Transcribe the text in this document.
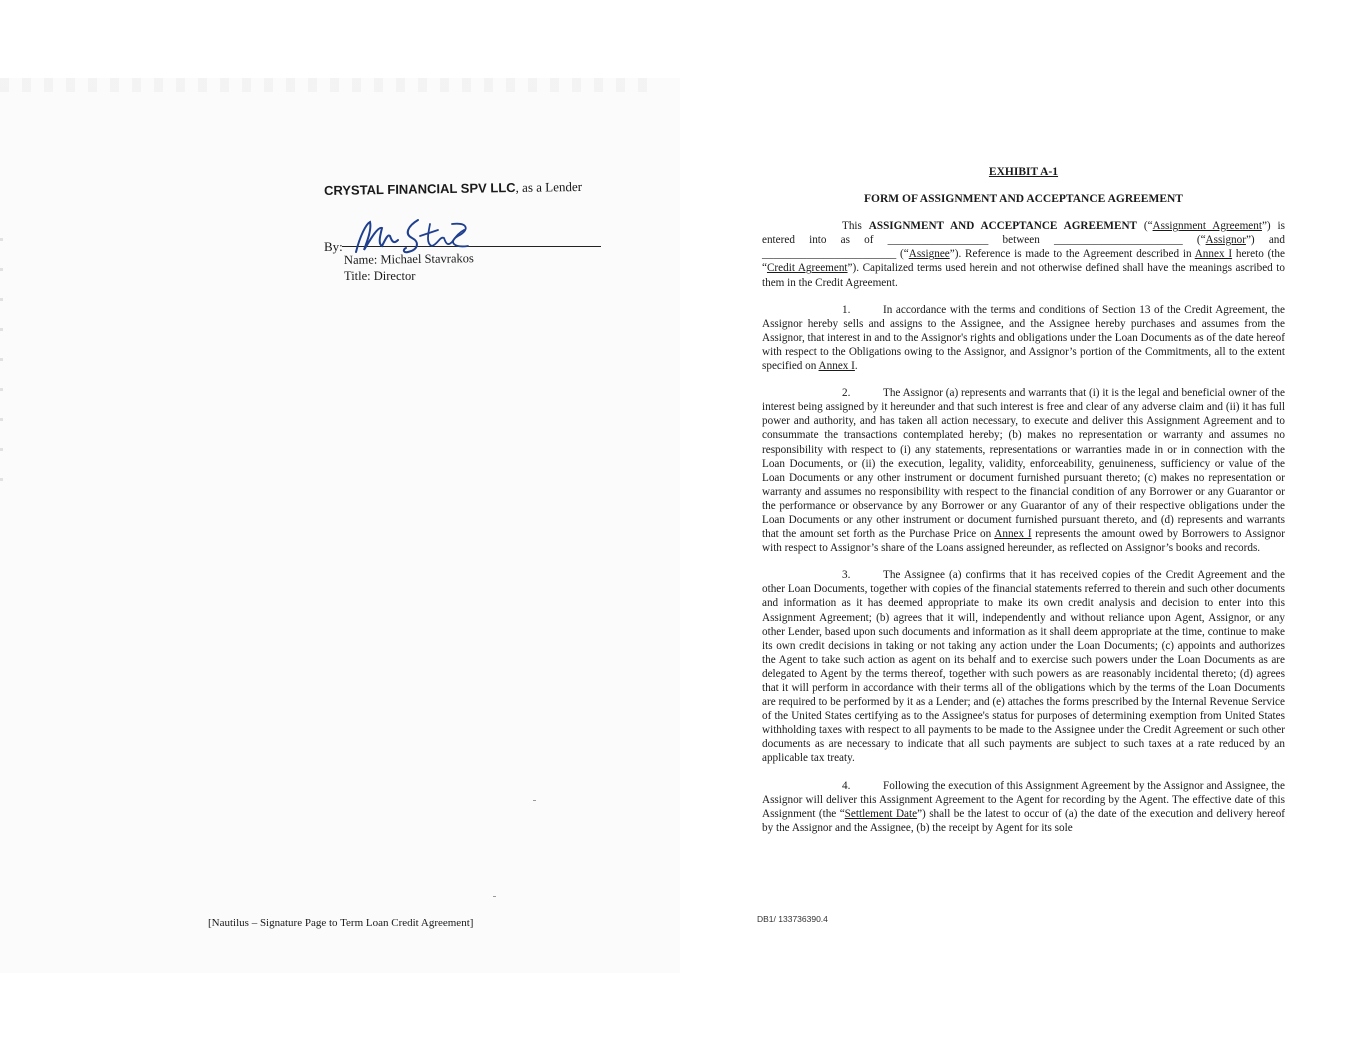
CRYSTAL FINANCIAL SPV LLC, as a Lender
By:
Name: Michael Stavrakos
Title: Director
[Nautilus – Signature Page to Term Loan Credit Agreement]
EXHIBIT A-1
FORM OF ASSIGNMENT AND ACCEPTANCE AGREEMENT

This ASSIGNMENT AND ACCEPTANCE AGREEMENT (“Assignment Agreement”) is entered into as of __________________ between _______________________ (“Assignor”) and ________________________ (“Assignee”). Reference is made to the Agreement described in Annex I hereto (the “Credit Agreement”). Capitalized terms used herein and not otherwise defined shall have the meanings ascribed to them in the Credit Agreement.

1.	In accordance with the terms and conditions of Section 13 of the Credit Agreement, the Assignor hereby sells and assigns to the Assignee, and the Assignee hereby purchases and assumes from the Assignor, that interest in and to the Assignor's rights and obligations under the Loan Documents as of the date hereof with respect to the Obligations owing to the Assignor, and Assignor’s portion of the Commitments, all to the extent specified on Annex I.

2.	The Assignor (a) represents and warrants that (i) it is the legal and beneficial owner of the interest being assigned by it hereunder and that such interest is free and clear of any adverse claim and (ii) it has full power and authority, and has taken all action necessary, to execute and deliver this Assignment Agreement and to consummate the transactions contemplated hereby; (b) makes no representation or warranty and assumes no responsibility with respect to (i) any statements, representations or warranties made in or in connection with the Loan Documents, or (ii) the execution, legality, validity, enforceability, genuineness, sufficiency or value of the Loan Documents or any other instrument or document furnished pursuant thereto; (c) makes no representation or warranty and assumes no responsibility with respect to the financial condition of any Borrower or any Guarantor or the performance or observance by any Borrower or any Guarantor of any of their respective obligations under the Loan Documents or any other instrument or document furnished pursuant thereto, and (d) represents and warrants that the amount set forth as the Purchase Price on Annex I represents the amount owed by Borrowers to Assignor with respect to Assignor’s share of the Loans assigned hereunder, as reflected on Assignor’s books and records.

3.	The Assignee (a) confirms that it has received copies of the Credit Agreement and the other Loan Documents, together with copies of the financial statements referred to therein and such other documents and information as it has deemed appropriate to make its own credit analysis and decision to enter into this Assignment Agreement; (b) agrees that it will, independently and without reliance upon Agent, Assignor, or any other Lender, based upon such documents and information as it shall deem appropriate at the time, continue to make its own credit decisions in taking or not taking any action under the Loan Documents; (c) appoints and authorizes the Agent to take such action as agent on its behalf and to exercise such powers under the Loan Documents as are delegated to Agent by the terms thereof, together with such powers as are reasonably incidental thereto; (d) agrees that it will perform in accordance with their terms all of the obligations which by the terms of the Loan Documents are required to be performed by it as a Lender; and (e) attaches the forms prescribed by the Internal Revenue Service of the United States certifying as to the Assignee's status for purposes of determining exemption from United States withholding taxes with respect to all payments to be made to the Assignee under the Credit Agreement or such other documents as are necessary to indicate that all such payments are subject to such taxes at a rate reduced by an applicable tax treaty.

4.	Following the execution of this Assignment Agreement by the Assignor and Assignee, the Assignor will deliver this Assignment Agreement to the Agent for recording by the Agent. The effective date of this Assignment (the “Settlement Date”) shall be the latest to occur of (a) the date of the execution and delivery hereof by the Assignor and the Assignee, (b) the receipt by Agent for its sole

DB1/ 133736390.4
